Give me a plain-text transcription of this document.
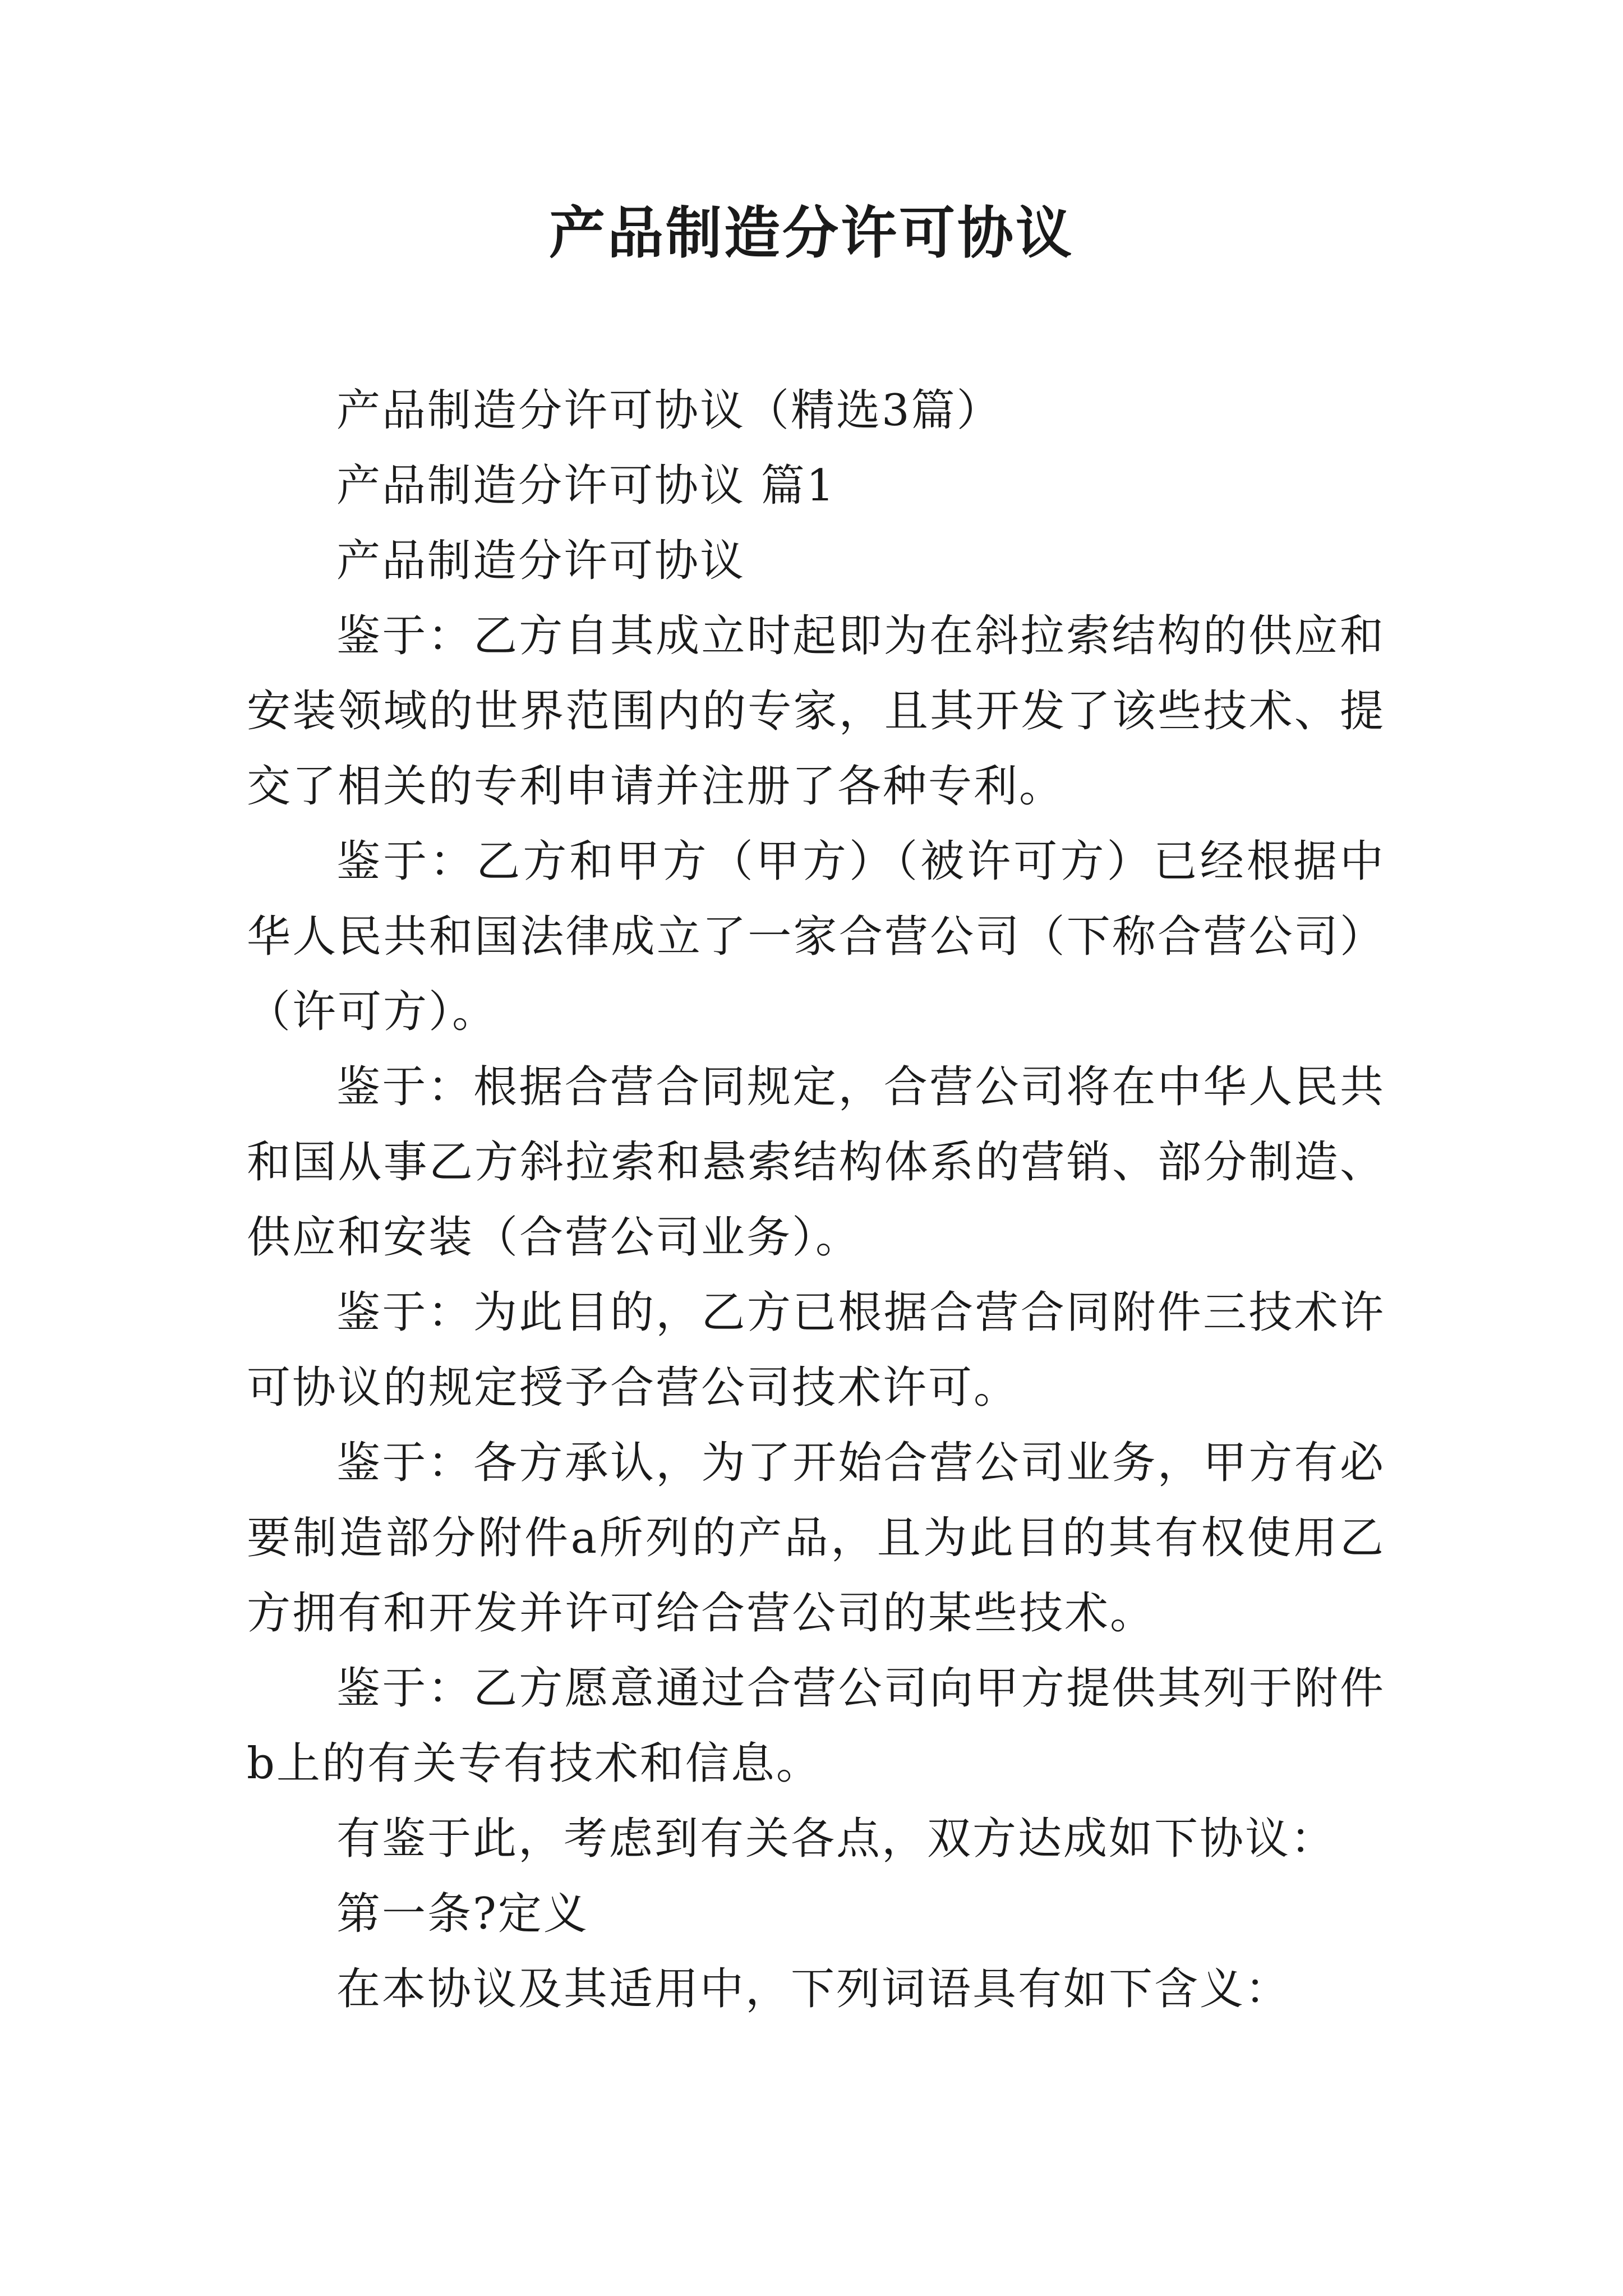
产品制造分许可协议

产品制造分许可协议（精选3篇）

产品制造分许可协议 篇1

产品制造分许可协议

鉴于：乙方自其成立时起即为在斜拉索结构的供应和安装领域的世界范围内的专家，且其开发了该些技术、提交了相关的专利申请并注册了各种专利。

鉴于：乙方和甲方（甲方）（被许可方）已经根据中华人民共和国法律成立了一家合营公司（下称合营公司）（许可方）。

鉴于：根据合营合同规定，合营公司将在中华人民共和国从事乙方斜拉索和悬索结构体系的营销、部分制造、供应和安装（合营公司业务）。

鉴于：为此目的，乙方已根据合营合同附件三技术许可协议的规定授予合营公司技术许可。

鉴于：各方承认，为了开始合营公司业务，甲方有必要制造部分附件a所列的产品，且为此目的其有权使用乙方拥有和开发并许可给合营公司的某些技术。

鉴于：乙方愿意通过合营公司向甲方提供其列于附件b上的有关专有技术和信息。

有鉴于此，考虑到有关各点，双方达成如下协议：

第一条?定义

在本协议及其适用中，下列词语具有如下含义：
